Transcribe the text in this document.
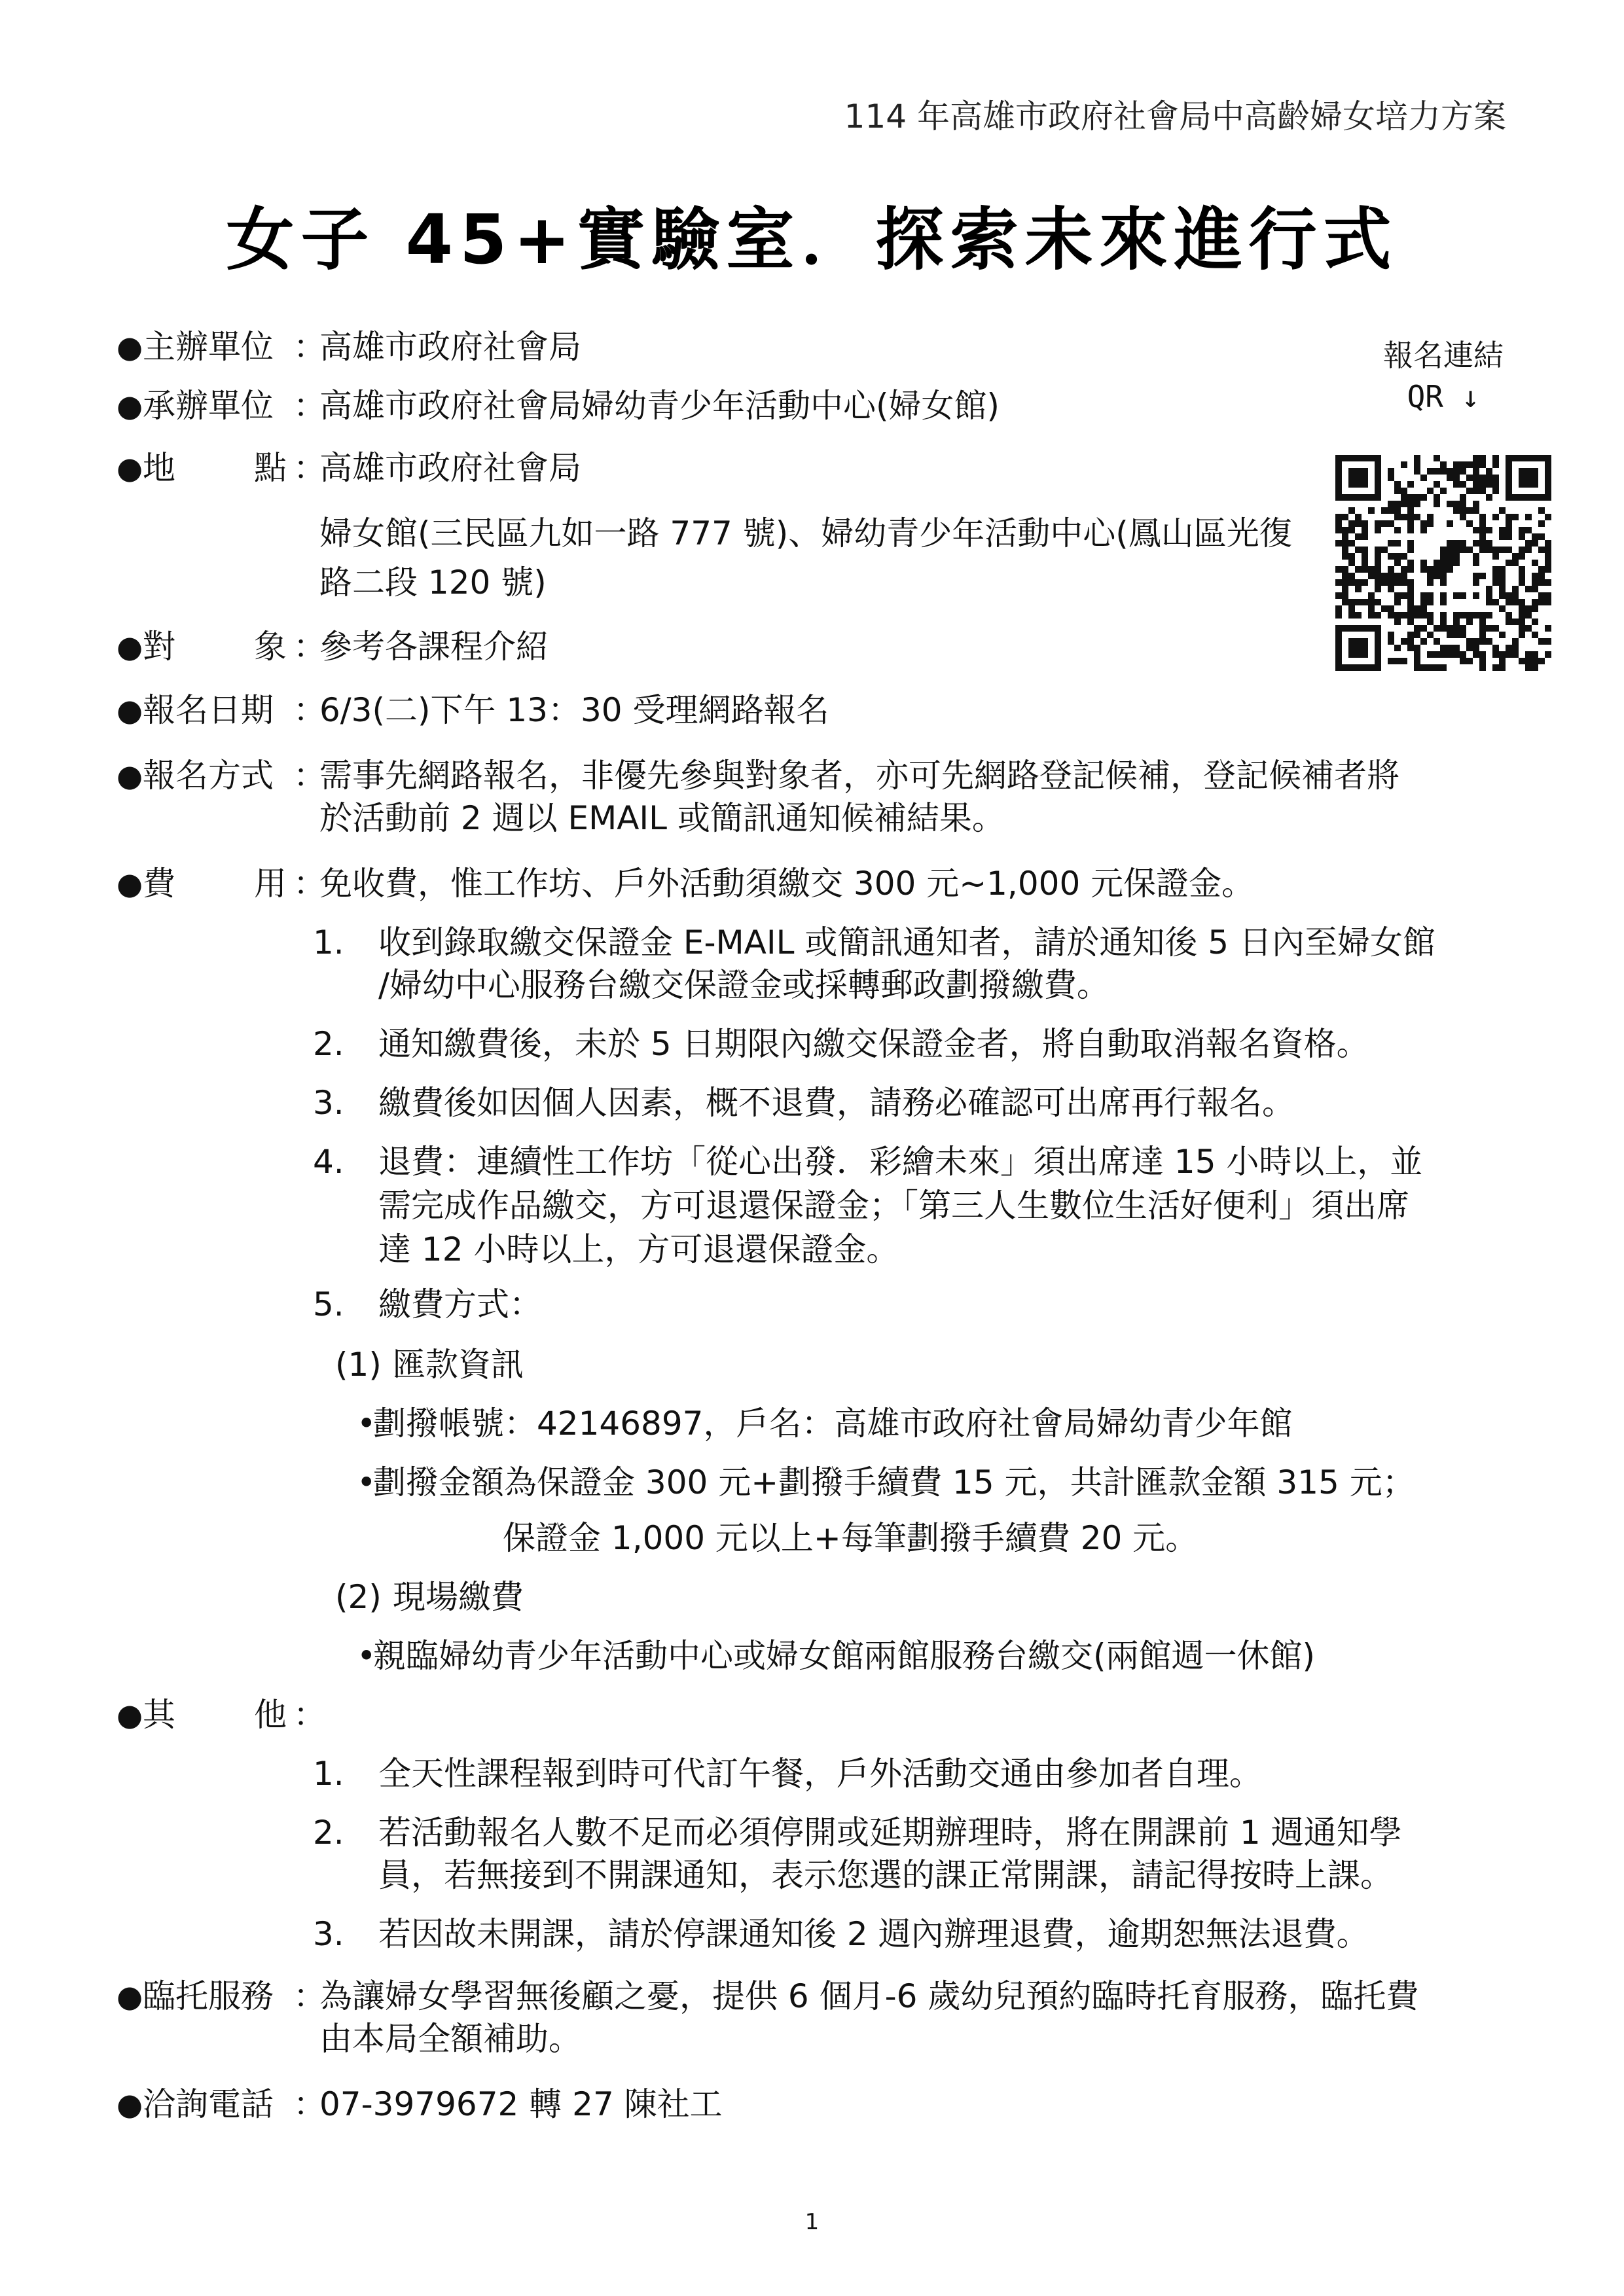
114 年高雄市政府社會局中高齡婦女培力方案
女子 45+實驗室．探索未來進行式
報名連結
QR ↓
● 主辦單位 ：
高雄市政府社會局
● 承辦單位 ：
高雄市政府社會局婦幼青少年活動中心(婦女館)
● 地 點 ：
高雄市政府社會局
婦女館(三民區九如一路 777 號)、婦幼青少年活動中心(鳳山區光復
路二段 120 號)
● 對 象 ：
參考各課程介紹
● 報名日期 ：
6/3(二)下午 13：30 受理網路報名
● 報名方式 ：
需事先網路報名，非優先參與對象者，亦可先網路登記候補，登記候補者將
於活動前 2 週以 EMAIL 或簡訊通知候補結果。
● 費 用 ：
免收費，惟工作坊、戶外活動須繳交 300 元~1,000 元保證金。
1. 收到錄取繳交保證金 E-MAIL 或簡訊通知者，請於通知後 5 日內至婦女館
/婦幼中心服務台繳交保證金或採轉郵政劃撥繳費。
2. 通知繳費後，未於 5 日期限內繳交保證金者，將自動取消報名資格。
3. 繳費後如因個人因素，概不退費，請務必確認可出席再行報名。
4. 退費：連續性工作坊「從心出發．彩繪未來」須出席達 15 小時以上，並
需完成作品繳交，方可退還保證金；「第三人生數位生活好便利」須出席
達 12 小時以上，方可退還保證金。
5. 繳費方式：
(1) 匯款資訊
•
劃撥帳號：42146897，戶名：高雄市政府社會局婦幼青少年館
•
劃撥金額為保證金 300 元+劃撥手續費 15 元，共計匯款金額 315 元；
保證金 1,000 元以上+每筆劃撥手續費 20 元。
(2) 現場繳費
•
親臨婦幼青少年活動中心或婦女館兩館服務台繳交(兩館週一休館)
● 其 他 ：
1. 全天性課程報到時可代訂午餐，戶外活動交通由參加者自理。
2. 若活動報名人數不足而必須停開或延期辦理時，將在開課前 1 週通知學
員，若無接到不開課通知，表示您選的課正常開課，請記得按時上課。
3. 若因故未開課，請於停課通知後 2 週內辦理退費，逾期恕無法退費。
● 臨托服務 ：
為讓婦女學習無後顧之憂，提供 6 個月-6 歲幼兒預約臨時托育服務，臨托費
由本局全額補助。
● 洽詢電話 ：
07-3979672 轉 27 陳社工
1
